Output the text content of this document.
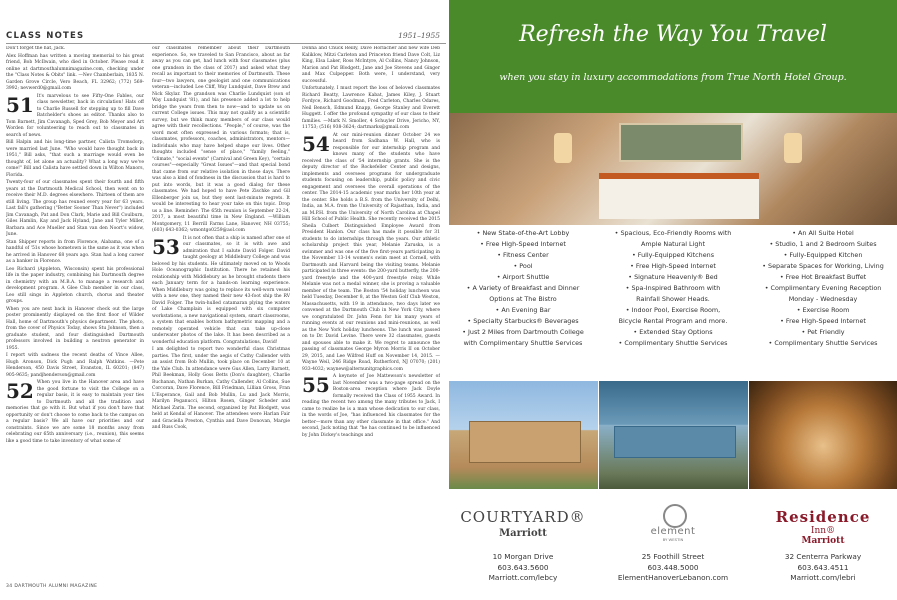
CLASS NOTES	1951–1955

Don't forget the hat, Jack.

Alex Hoffman has written a moving memorial to his great friend, Bob McIlwain, who died in October. Please read it online at dartmouthalumnimagazine.com, checking under the "Class Notes & Obits" link. —Nev Chamberlain, 1835 N. Garden Grove Circle, Vero Beach, FL 32962; (772) 569-3992; nevwerd0@gmail.com

51 It's marvelous to see Fifty-One Fables, our class newsletter, back in circulation! Hats off to Charlie Russell for stepping up to fill Dave Batchelder's shoes as editor. Thanks also to Tom Barnett, Jim Cavanagh, Sped Grey, Bob Meyer and Art Worden for volunteering to reach out to classmates in search of news.

Bill Halpin and his long-time partner, Calista Tromsdorp, were married last June. "Who would have thought back in 1951," Bill asks, "that such a marriage would even be thought of, let alone an actuality? What a long way we've come!" Bill and Calista have settled down in Wilton Manors, Florida.

Twenty-four of our classmates spent their fourth and fifth years at the Dartmouth Medical School, then went on to receive their M.D. degrees elsewhere. Thirteen of them are still living. The group has reuned every year for 63 years. Last fall's gathering ("Better Sooner Than Never") included Jim Cavanagh, Pat and Don Clark, Marie and Bill Coulburn, Giles Hamlin, Kay and Jack Hyland, Jane and Tyler Miller, Barbara and Ace Mueller and Stan van den Noort's widow, June.

Stan Shipper reports in from Florence, Alabama, one of a handful of '51s whose hometown is the same as it was when he arrived in Hanover 68 years ago. Stan had a long career as a banker in Florence.

Leo Richard (Appleton, Wisconsin) spent his professional life in the paper industry, combining his Dartmouth degree in chemistry with an M.B.A. to manage a research and development program. A Glee Club member in our class, Leo still sings in Appleton church, chorus and theater groups.

When you are next back in Hanover check out the large poster prominently displayed on the first floor of Wilder Hall, home of Dartmouth's physics department. The photo, from the cover of Physics Today, shows Stu Johnson, then a graduate student, and four distinguished Dartmouth professors involved in building a neutron generator in 1955.

I report with sadness the recent deaths of Vince Allee, Hugh Aronson, Dick Pugh and Ralph Watkins. —Pete Henderson, 450 Davis Street, Evanston, IL 60201; (847) 905-9635; pandjhenderson@gmail.com

52 When you live in the Hanover area and have the good fortune to visit the College on a regular basis, it is easy to maintain your ties to Dartmouth and all the tradition and memories that go with it. But what if you don't have that opportunity or don't choose to come back to the campus on a regular basis? We all have our priorities and our constraints. Since we are some 18 months away from celebrating our 65th anniversary (i.e., reunion), this seems like a good time to take inventory of what some of

our classmates remember about their Dartmouth experience. So, we traveled to San Francisco, about as far away as you can get, had lunch with four classmates (plus one grandson in the class of 2017) and asked what they recall as important to their memories of Dartmouth. These four—two lawyers, one geologist and one communications veteran—included Lee Cliff, Way Lundquist, Dave Brew and Nick Skylar. The grandson was Charlie Lundquist (son of Way Lundquist '81), and his presence added a lot to help bridge the years from then to now—and to update us on current College issues. This may not qualify as a scientific survey, but we think many members of our class would agree with their recollections. "People," of course, was the word most often expressed in various formats; that is, classmates, professors, coaches, administrators, mentors—individuals who may have helped shape our lives. Other thoughts included "sense of place," "family feeling," "climate," "social events" (Carnival and Green Key), "certain courses"—especially "Great Issues"—and that special bond that came from our relative isolation in those days. There was also a kind of fondness in the discussion that is hard to put into words, but it was a good dialog for these classmates. We had hoped to have Pete Zischke and Gil Ellenberger join us, but they sent last-minute regrets. It would be interesting to hear your take on this topic. Drop us a line. Reminder: The 65th reunion is September 22-24, 2017, a most beautiful time in New England. —William Montgomery, 11 Berrill Farms Lane, Hanover, NH 03755; (603) 643-0362; wmontgo0259@aol.com

53 It is not often that a ship is named after one of our classmates, so it is with awe and admiration that I salute David Folger. David taught geology at Middlebury College and was beloved by his students. He ultimately moved on to Woods Hole Oceanographic Institution. There he retained his relationship with Middlebury as he brought students there each January term for a hands-on learning experience. When Middlebury was going to replace its well-worn vessel with a new one, they named their new 43-foot ship the RV David Folger. The twin-hulled catamaran plying the waters of Lake Champlain is equipped with six computer workstations, a new navigational system, smart classrooms, a system that enables bottom bathymetric mapping and a remotely operated vehicle that can take up-close underwater photos of the lake. It has been described as a wonderful education platform. Congratulations, David!

I am delighted to report two wonderful class Christmas parties. The first, under the aegis of Cathy Callender with an assist from Bob Mullin, took place on December 10 at the Yale Club. In attendance were Gus Allen, Larry Barnett, Phil Beekman, Holly Goss Betts (Don's daughter), Charlie Buchanan, Nathan Burkan, Cathy Callender, Al Collins, Sue Corcoran, Dave Florence, Bill Friedman, Lillian Gross, Fran L'Esperance, Gail and Bob Mullin, Lu and Jack Morris, Marilyn Peganucci, Hilton Rosen, Ginger Scheder and Michael Zarin. The second, organized by Pat Blodgett, was held at Kendal of Hanover. The attendees were Harlan Fair and Graciella Preston, Cynthia and Dave Donovan, Margie and Russ Cook,

Donna and Chuck Reilly, Dave Horlacher and new wife Deb Kaliklow, Mitzi Carleton and Princeton friend Dave Colt, Liz King, Elsa Laker, Ross McIntyre, Al Collins, Nancy Johnson, Marion and Pat Blodgett, Jane and Joe Stevens and Ginger and Max Culpepper. Both were, I understand, very successful.

Unfortunately, I must report the loss of beloved classmates Richard Beatty, Lawrence Kabat, James Kiley, J. Stuart Fordyce, Richard Goodman, Fred Carleton, Charles Odares, Neil Bensch, Edmund Knapp, George Stanley and Everett Huggett. I offer the profound sympathy of our class to their families. —Mark N. Smoller, 4 Schuyler Drive, Jericho, NY, 11753; (516) 938-3624; dartmarks@gmail.com

54 At our mini-reunion dinner October 24 we heard from Sadhana W. Hall, who is responsible for our internship program and knows many of the students who have received the class of '54 internship grants. She is the deputy director of the Rockefeller Center and designs, implements and oversees programs for undergraduate students focusing on leadership, public policy and civic engagement and oversees the overall operations of the center. The 2014-15 academic year marks her 10th year at the center. She holds a B.S. from the University of Delhi, India, an M.A. from the University of Rajasthan, India, and an M.P.H. from the University of North Carolina at Chapel Hill School of Public Health. She recently received the 2015 Sheila Culbert Distinguished Employee Award from President Hanlon. Our class has made it possible for 31 students to do internships through the years. Our athletic scholarship project this year, Melanie Zaruska, is a swimmer and was one of the five first-years participating in the November 13-14 women's swim meet at Cornell, with Dartmouth and Harvard being the visiting teams. Melanie participated in three events: the 200-yard butterfly, the 200-yard freestyle and the 400-yard freestyle relay. While Melanie was not a medal winner, she is proving a valuable member of the team. The Boston '54 holiday luncheon was held Tuesday, December 8, at the Weston Golf Club Weston, Massachusetts, with 19 in attendance, two days later we convened at the Dartmouth Club in New York City, where we congratulated Dr. John Fenn for his many years of running events at our reunions and mini-reunions, as well as the New York holiday luncheons. The lunch was passed on to Dr. David Levine. There were 32 classmates, guests and spouses able to make it. We regret to announce the passing of classmates George Myron Morris II on October 29, 2015, and Lee Wilfred Huff on November 14, 2015. —Wayne Weil, 246 Ridge Road, Rutherford, NJ 07070; (201) 933-4032; waynew@alternunitgraphics.com

55 A keynote of Joe Mattewson's newsletter of last November was a two-page spread on the Boston-area reception where Jack Doyle formally received the Class of 1955 Award. In reading the recent two among the many tributes to Jack, I came to realize he is a man whose dedication to our class, in the words of Joe, "has influenced his classmates for the better—more than any other classmate in that office." And second, Jack noting that "he has continued to be influenced by John Dickey's teachings and

34 DARTMOUTH ALUMNI MAGAZINE
Refresh the Way You Travel
when you stay in luxury accommodations from True North Hotel Group.
• New State-of-the-Art Lobby
• Free High-Speed Internet
• Fitness Center
• Pool
• Airport Shuttle
• A Variety of Breakfast and Dinner
Options at The Bistro
• An Evening Bar
• Specialty Starbucks® Beverages
• Just 2 Miles from Dartmouth College
with Complimentary Shuttle Services
• Spacious, Eco-Friendly Rooms with
Ample Natural Light
• Fully-Equipped Kitchens
• Free High-Speed Internet
• Signature Heavenly® Bed
• Spa-Inspired Bathroom with
Rainfall Shower Heads.
• Indoor Pool, Exercise Room,
Bicycle Rental Program and more.
• Extended Stay Options
• Complimentary Shuttle Services
• An All Suite Hotel
• Studio, 1 and 2 Bedroom Suites
• Fully-Equipped Kitchen
• Separate Spaces for Working, Living
• Free Hot Breakfast Buffet
• Complimentary Evening Reception
Monday - Wednesday
• Exercise Room
• Free High-Speed Internet
• Pet Friendly
• Complimentary Shuttle Services
COURTYARD®
Marriott	element
BY WESTIN
Residence
Inn®
Marriott
10 Morgan Drive
603.643.5600
Marriott.com/lebcy
25 Foothill Street
603.448.5000
ElementHanoverLebanon.com
32 Centerra Parkway
603.643.4511
Marriott.com/lebri
